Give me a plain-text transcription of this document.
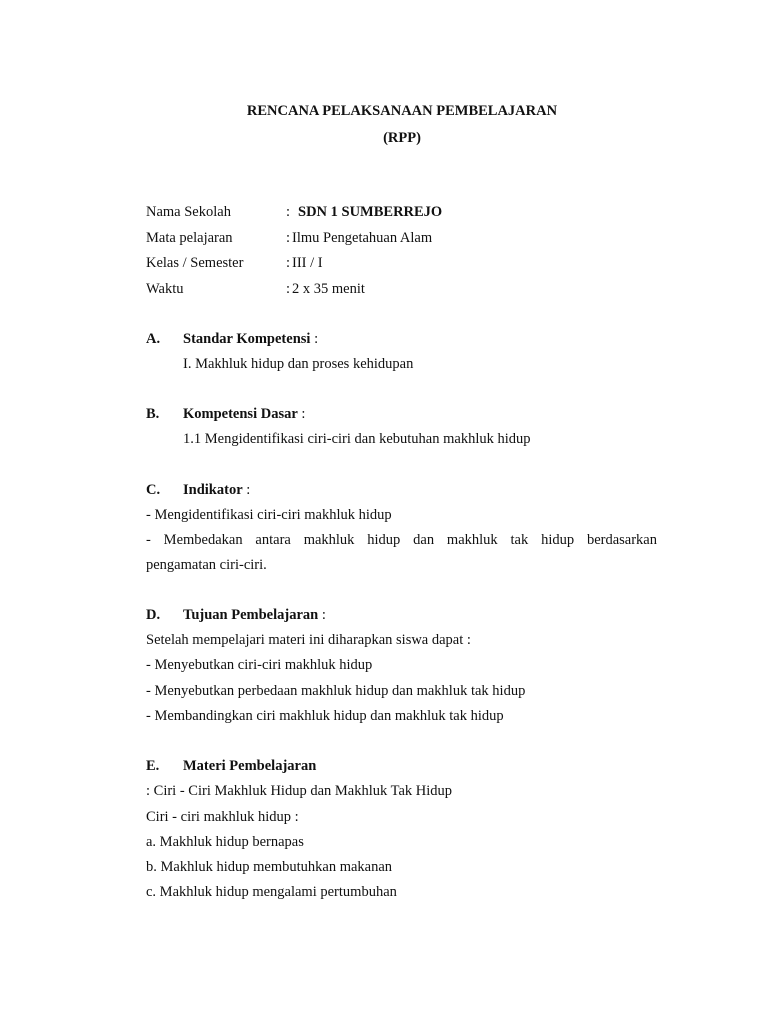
RENCANA PELAKSANAAN PEMBELAJARAN
(RPP)
Nama Sekolah	: SDN 1 SUMBERREJO
Mata pelajaran	: Ilmu Pengetahuan Alam
Kelas / Semester	: III / I
Waktu	: 2 x 35 menit
A. Standar Kompetensi :
I. Makhluk hidup dan proses kehidupan
B. Kompetensi Dasar :
1.1 Mengidentifikasi ciri-ciri dan kebutuhan makhluk hidup
C. Indikator :
- Mengidentifikasi ciri-ciri makhluk hidup
- Membedakan antara makhluk hidup dan makhluk tak hidup berdasarkan
pengamatan ciri-ciri.
D. Tujuan Pembelajaran :
Setelah mempelajari materi ini diharapkan siswa dapat :
- Menyebutkan ciri-ciri makhluk hidup
- Menyebutkan perbedaan makhluk hidup dan makhluk tak hidup
- Membandingkan ciri makhluk hidup dan makhluk tak hidup
E. Materi Pembelajaran
: Ciri - Ciri Makhluk Hidup dan Makhluk Tak Hidup
Ciri - ciri makhluk hidup :
a. Makhluk hidup bernapas
b. Makhluk hidup membutuhkan makanan
c. Makhluk hidup mengalami pertumbuhan
